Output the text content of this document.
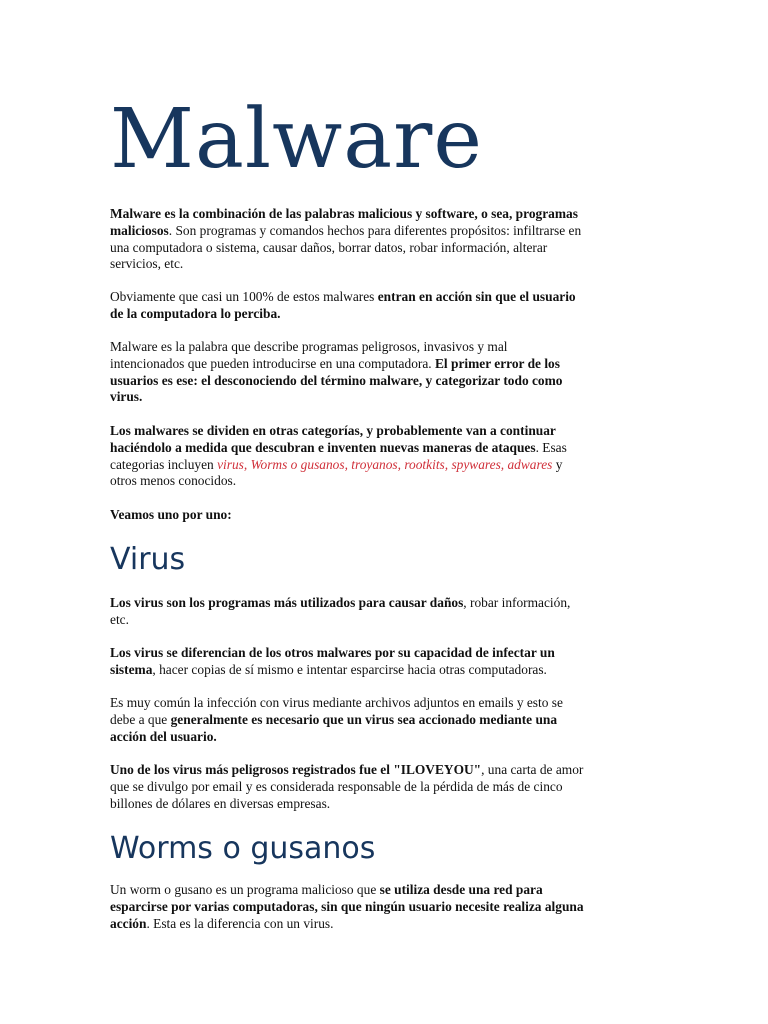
Malware
Virus
Worms o gusanos
Malware es la combinación de las palabras malicious y software, o sea, programas
maliciosos. Son programas y comandos hechos para diferentes propósitos: infiltrarse en
una computadora o sistema, causar daños, borrar datos, robar información, alterar
servicios, etc.
Obviamente que casi un 100% de estos malwares entran en acción sin que el usuario
de la computadora lo perciba.
Malware es la palabra que describe programas peligrosos, invasivos y mal
intencionados que pueden introducirse en una computadora. El primer error de los
usuarios es ese: el desconociendo del término malware, y categorizar todo como
virus.
Los malwares se dividen en otras categorías, y probablemente van a continuar
haciéndolo a medida que descubran e inventen nuevas maneras de ataques. Esas
categorias incluyen virus, Worms o gusanos, troyanos, rootkits, spywares, adwares y
otros menos conocidos.
Veamos uno por uno:
Los virus son los programas más utilizados para causar daños, robar información,
etc.
Los virus se diferencian de los otros malwares por su capacidad de infectar un
sistema, hacer copias de sí mismo e intentar esparcirse hacia otras computadoras.
Es muy común la infección con virus mediante archivos adjuntos en emails y esto se
debe a que generalmente es necesario que un virus sea accionado mediante una
acción del usuario.
Uno de los virus más peligrosos registrados fue el "ILOVEYOU", una carta de amor
que se divulgo por email y es considerada responsable de la pérdida de más de cinco
billones de dólares en diversas empresas.
Un worm o gusano es un programa malicioso que se utiliza desde una red para
esparcirse por varias computadoras, sin que ningún usuario necesite realiza alguna
acción. Esta es la diferencia con un virus.
